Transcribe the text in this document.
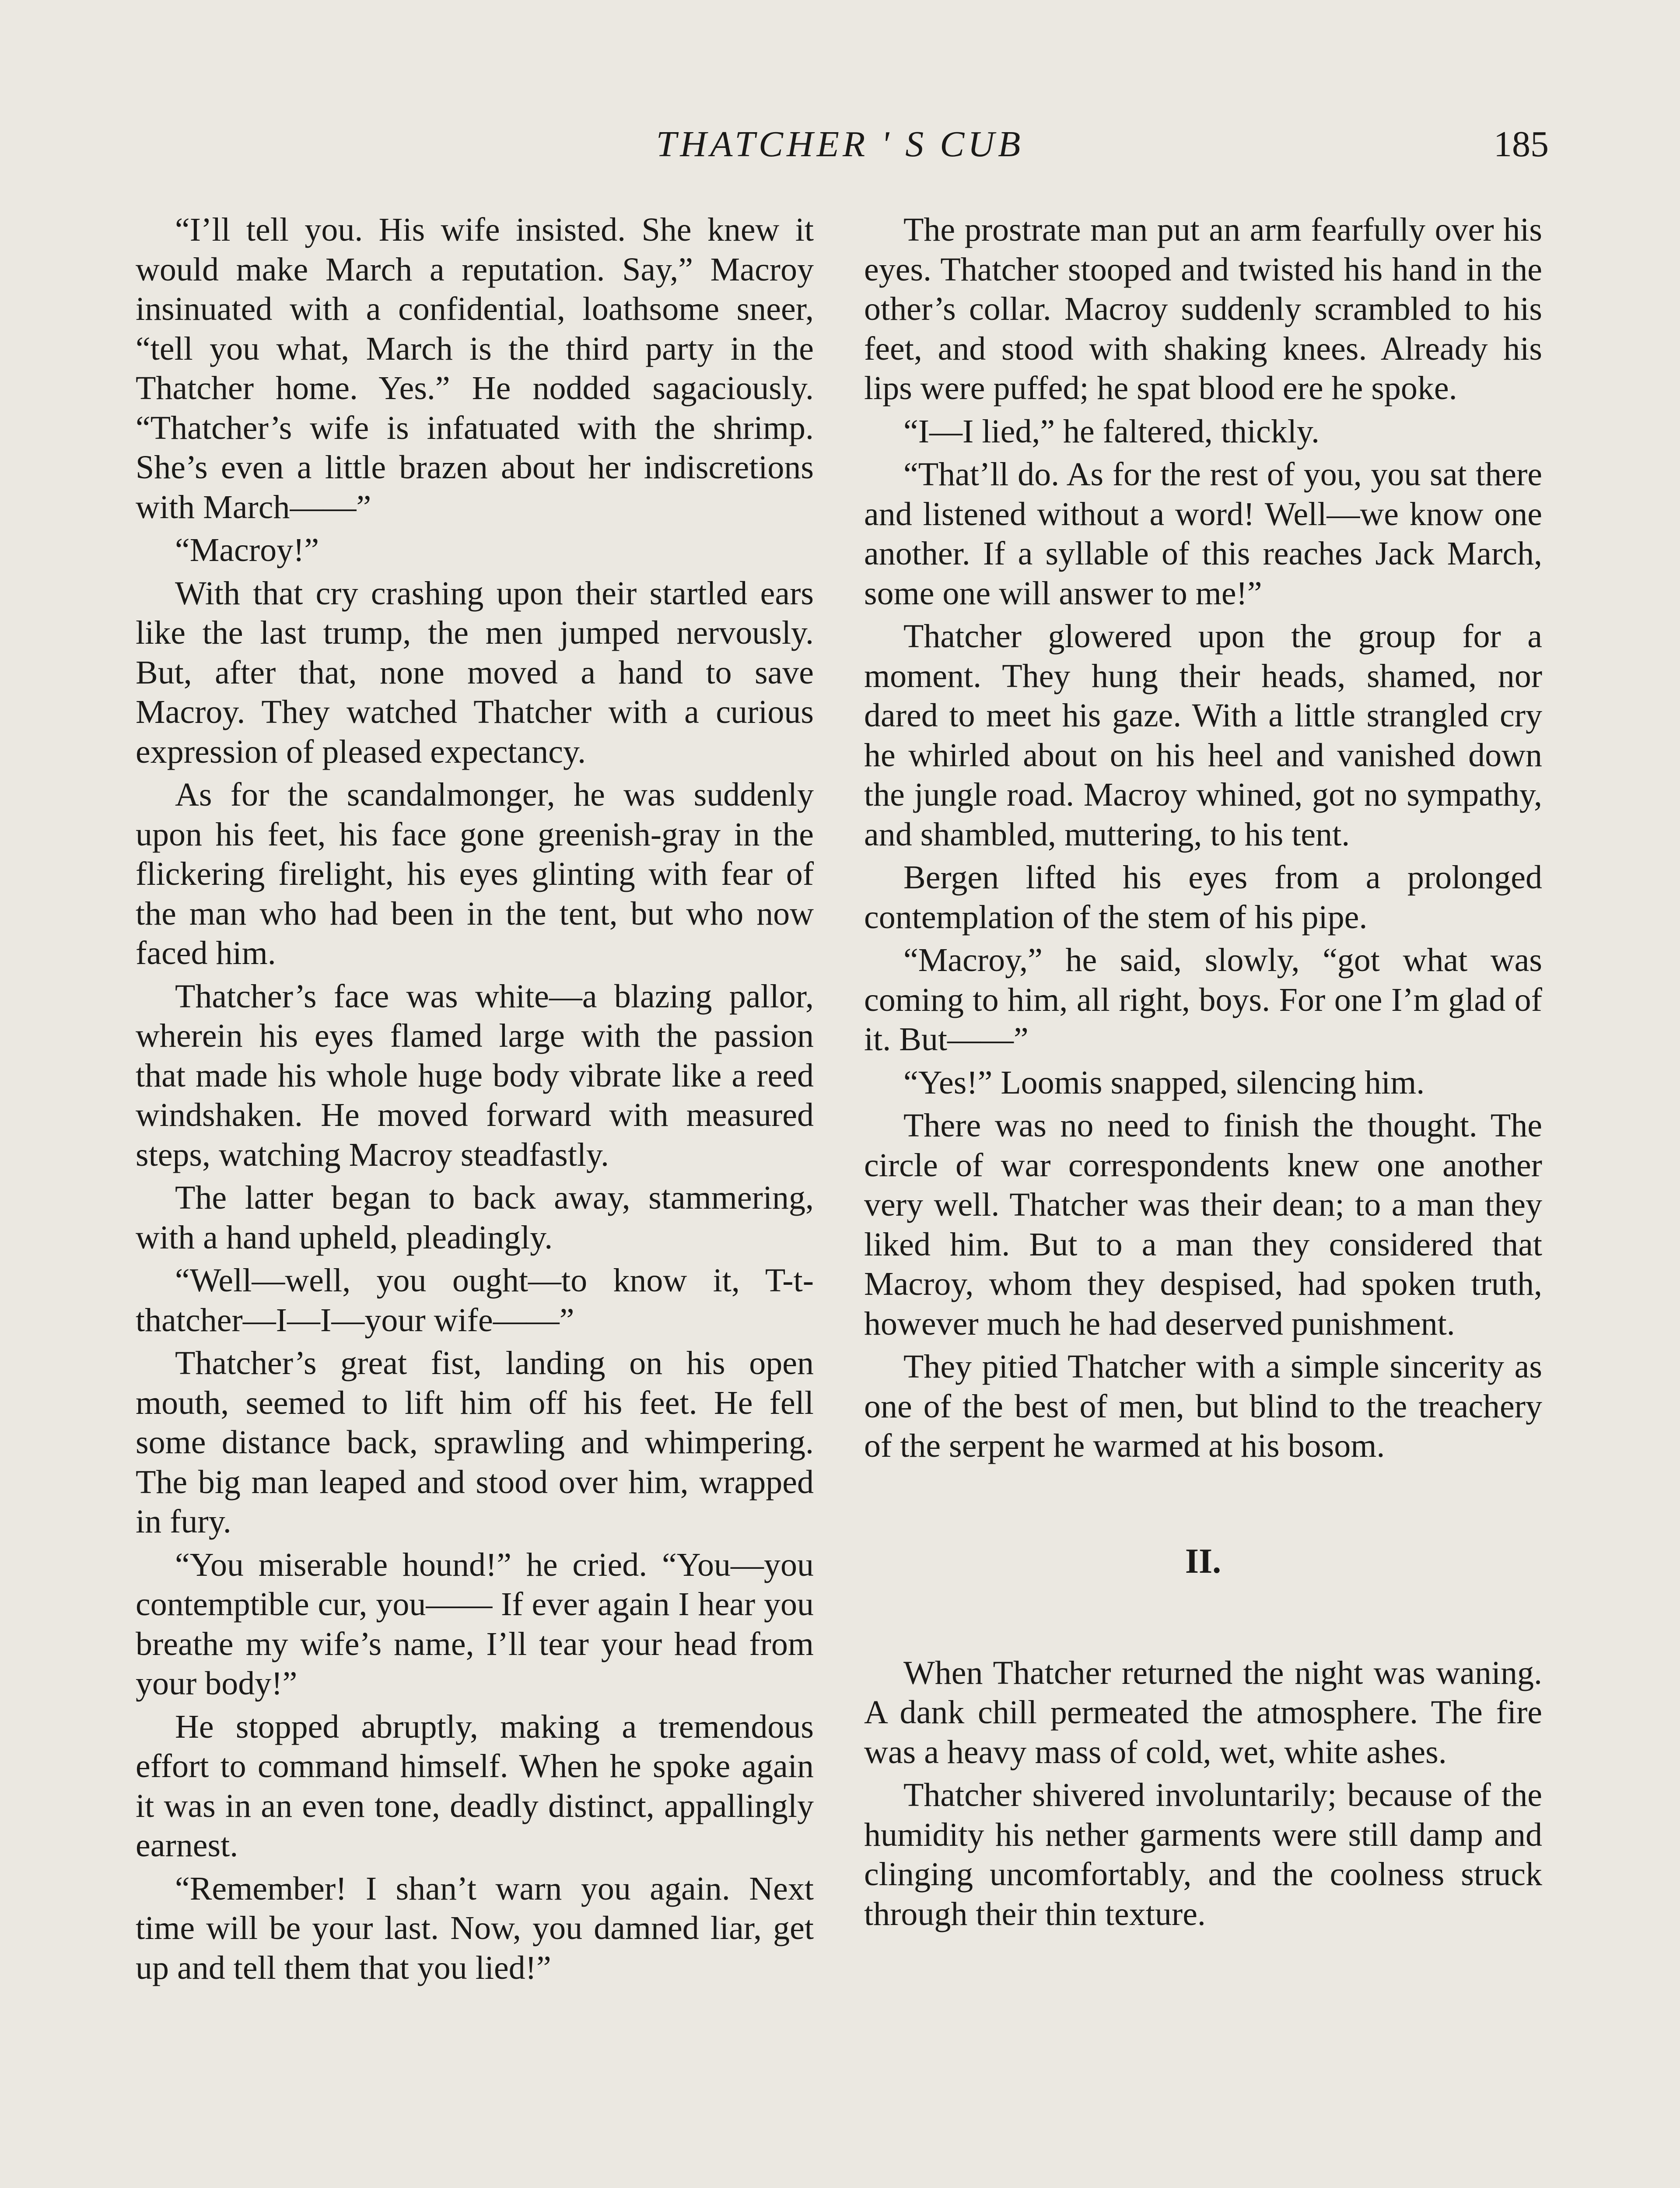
THATCHER ' S CUB	185

“I’ll tell you. His wife insisted. She knew it would make March a reputation. Say,” Macroy insinuated with a confidential, loathsome sneer, “tell you what, March is the third party in the Thatcher home. Yes.” He nodded sagaciously. “Thatcher’s wife is infatuated with the shrimp. She’s even a little brazen about her indiscretions with March——”

“Macroy!”

With that cry crashing upon their startled ears like the last trump, the men jumped nervously. But, after that, none moved a hand to save Macroy. They watched Thatcher with a curious expression of pleased expectancy.

As for the scandalmonger, he was suddenly upon his feet, his face gone greenish-gray in the flickering firelight, his eyes glinting with fear of the man who had been in the tent, but who now faced him.

Thatcher’s face was white—a blazing pallor, wherein his eyes flamed large with the passion that made his whole huge body vibrate like a reed windshaken. He moved forward with measured steps, watching Macroy steadfastly.

The latter began to back away, stammering, with a hand upheld, pleadingly.

“Well—well, you ought—to know it, T-t-thatcher—I—I—your wife——”

Thatcher’s great fist, landing on his open mouth, seemed to lift him off his feet. He fell some distance back, sprawling and whimpering. The big man leaped and stood over him, wrapped in fury.

“You miserable hound!” he cried. “You—you contemptible cur, you—— If ever again I hear you breathe my wife’s name, I’ll tear your head from your body!”

He stopped abruptly, making a tremendous effort to command himself. When he spoke again it was in an even tone, deadly distinct, appallingly earnest.

“Remember! I shan’t warn you again. Next time will be your last. Now, you damned liar, get up and tell them that you lied!”

The prostrate man put an arm fearfully over his eyes. Thatcher stooped and twisted his hand in the other’s collar. Macroy suddenly scrambled to his feet, and stood with shaking knees. Already his lips were puffed; he spat blood ere he spoke.

“I—I lied,” he faltered, thickly.

“That’ll do. As for the rest of you, you sat there and listened without a word! Well—we know one another. If a syllable of this reaches Jack March, some one will answer to me!”

Thatcher glowered upon the group for a moment. They hung their heads, shamed, nor dared to meet his gaze. With a little strangled cry he whirled about on his heel and vanished down the jungle road. Macroy whined, got no sympathy, and shambled, muttering, to his tent.

Bergen lifted his eyes from a prolonged contemplation of the stem of his pipe.

“Macroy,” he said, slowly, “got what was coming to him, all right, boys. For one I’m glad of it. But——”

“Yes!” Loomis snapped, silencing him.

There was no need to finish the thought. The circle of war correspondents knew one another very well. Thatcher was their dean; to a man they liked him. But to a man they considered that Macroy, whom they despised, had spoken truth, however much he had deserved punishment.

They pitied Thatcher with a simple sincerity as one of the best of men, but blind to the treachery of the serpent he warmed at his bosom.

II.

When Thatcher returned the night was waning. A dank chill permeated the atmosphere. The fire was a heavy mass of cold, wet, white ashes.

Thatcher shivered involuntarily; because of the humidity his nether garments were still damp and clinging uncomfortably, and the coolness struck through their thin texture.
